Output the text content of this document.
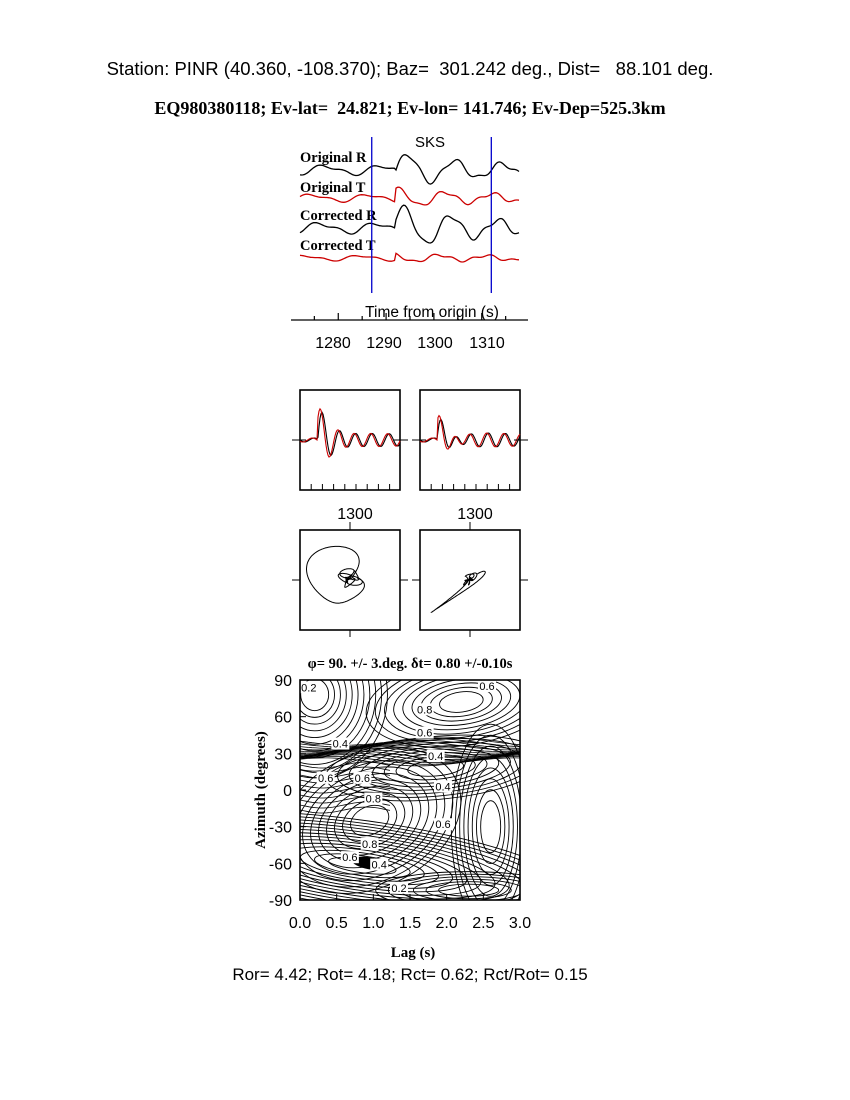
Station: PINR (40.360, -108.370); Baz=  301.242 deg., Dist=   88.101 deg.
EQ980380118; Ev-lat=  24.821; Ev-lon= 141.746; Ev-Dep=525.3km
SKS
Original R
Original T
Corrected R
Corrected T
Time from origin (s)
1280 1290 1300 1310
1300	1300
φ= 90. +/- 3.deg. δt= 0.80 +/-0.10s
0.2	0.6
0.8
0.6
0.4
0.4
0.6 0.6
0.4
0.8
0.6
0.8
0.6
0.4
0.2
0.0 0.5 1.0 1.5 2.0 2.5 3.0
90
60
30
0
-30
-60
-90
Lag (s)
Azimuth (degrees)
Ror= 4.42; Rot= 4.18; Rct= 0.62; Rct/Rot= 0.15
